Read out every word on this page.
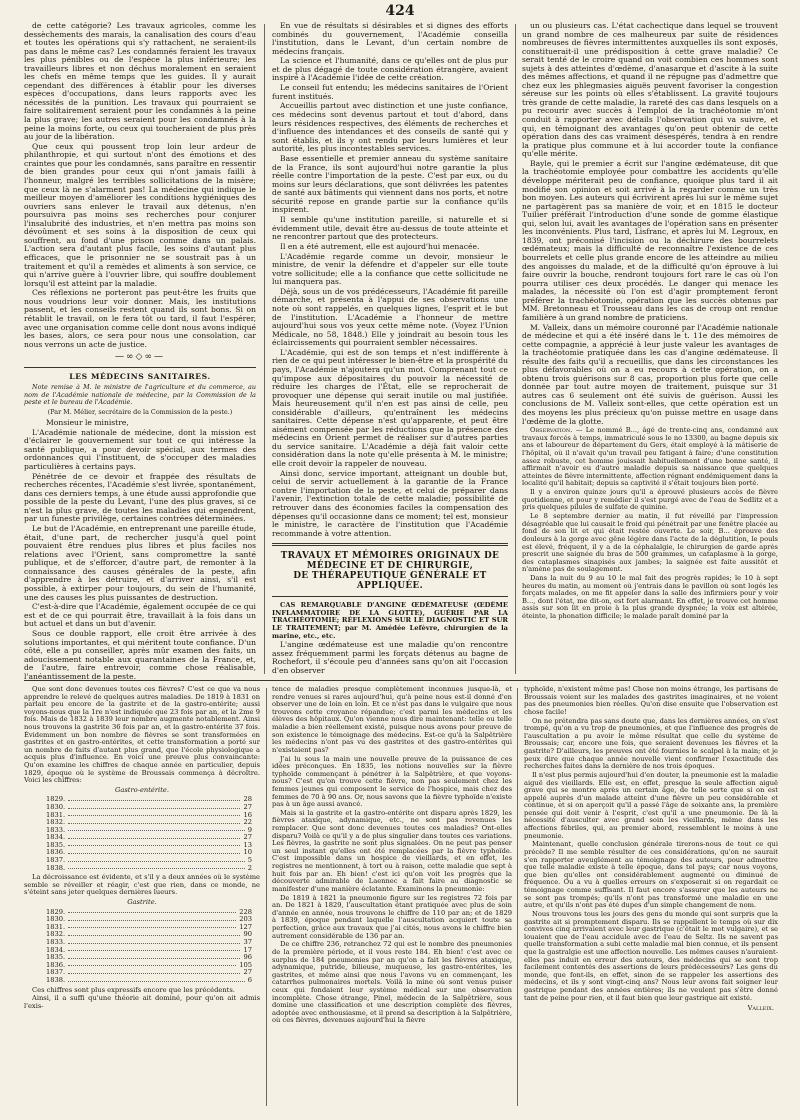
424

de cette catégorie? Les travaux agricoles, comme les dessèchements des marais, la canalisation des cours d'eau et toutes les opérations qui s'y rattachent, ne seraient-ils pas dans le même cas? Les condamnés feraient les travaux les plus pénibles ou de l'espèce la plus inférieure; les travailleurs libres et non déchus moralement en seraient les chefs en même temps que les guides. Il y aurait cependant des différences à établir pour les diverses espèces d'occupations, dans leurs rapports avec les nécessités de la punition. Les travaux qui pourraient se faire solitairement seraient pour les condamnés à la peine la plus grave; les autres seraient pour les condamnés à la peine la moins forte, ou ceux qui toucheraient de plus près au jour de la libération.

Que ceux qui poussent trop loin leur ardeur de philanthropie, et qui surtout n'ont des émotions et des craintes que pour les condamnés, sans paraître en ressentir de bien grandes pour ceux qui n'ont jamais failli à l'honneur, malgré les terribles sollicitations de la misère; que ceux là ne s'alarment pas! La médecine qui indique le meilleur moyen d'améliorer les conditions hygiéniques des ouvriers sans enlever le travail aux détenus, n'en poursuivra pas moins ses recherches pour conjurer l'insalubrité des industries, et n'en mettra pas moins son dévoûment et ses soins à la disposition de ceux qui souffrent, au fond d'une prison comme dans un palais. L'action sera d'autant plus facile, les soins d'autant plus efficaces, que le prisonnier ne se soustrait pas à un traitement et qu'il a remèdes et aliments à son service, ce qui n'arrive guère à l'ouvrier libre, qui souffre doublement lorsqu'il est atteint par la maladie.

Ces réflexions ne porteront pas peut-être les fruits que nous voudrions leur voir donner. Mais, les institutions passent, et les conseils restent quand ils sont bons. Si on rétablit le travail, on le fera tôt ou tard, il faut l'espérer, avec une organisation comme celle dont nous avons indiqué les bases, alors, ce sera pour nous une consolation, car nous verrons un acte de justice.

—∞◇∞—
LES MÉDECINS SANITAIRES.
Note remise à M. le ministre de l'agriculture et du commerce, au nom de l'Académie nationale de médecine, par la Commission de la peste et le bureau de l'Académie.
(Par M. Mélier, secrétaire de la Commission de la peste.)

Monsieur le ministre,

L'Académie nationale de médecine, dont la mission est d'éclairer le gouvernement sur tout ce qui intéresse la santé publique, a pour devoir spécial, aux termes des ordonnances qui l'instituent, de s'occuper des maladies particulières à certains pays.

Pénétrée de ce devoir et frappée des résultats de recherches récentes, l'Académie s'est livrée, spontanément, dans ces derniers temps, à une étude aussi approfondie que possible de la peste du Levant, l'une des plus graves, si ce n'est la plus grave, de toutes les maladies qui engendrent, par un funeste privilège, certaines contrées déterminées.

Le but de l'Académie, en entreprenant une pareille étude, était, d'une part, de rechercher jusqu'à quel point pouvaient être rendues plus libres et plus faciles nos relations avec l'Orient, sans compromettre la santé publique, et de s'efforcer, d'autre part, de remonter à la connaissance des causes générales de la peste, afin d'apprendre à les détruire, et d'arriver ainsi, s'il est possible, à extirper pour toujours, du sein de l'humanité, une des causes les plus puissantes de destruction.

C'est-à-dire que l'Académie, également occupée de ce qui est et de ce qui pourrait être, travaillait à la fois dans un but actuel et dans un but d'avenir.

Sous ce double rapport, elle croit être arrivée à des solutions importantes, et qui méritent toute confiance. D'un côté, elle a pu conseiller, après mûr examen des faits, un adoucissement notable aux quarantaines de la France, et, de l'autre, faire entrevoir, comme chose réalisable, l'anéantissement de la peste.

En vue de résultats si désirables et si dignes des efforts combinés du gouvernement, l'Académie conseilla l'institution, dans le Levant, d'un certain nombre de médecins français.

La science et l'humanité, dans ce qu'elles ont de plus pur et de plus dégagé de toute considération étrangère, avaient inspiré à l'Académie l'idée de cette création.

Le conseil fut entendu; les médecins sanitaires de l'Orient furent institués.

Accueillis partout avec distinction et une juste confiance, ces médecins sont devenus partout et tout d'abord, dans leurs résidences respectives, des éléments de recherches et d'influence des intendances et des conseils de santé qui y sont établis, et ils y ont rendu par leurs lumières et leur autorité, les plus incontestables services.

Base essentielle et premier anneau du système sanitaire de la France, ils sont aujourd'hui notre garantie la plus réelle contre l'importation de la peste. C'est par eux, ou du moins sur leurs déclarations, que sont délivrées les patentes de santé aux bâtiments qui viennent dans nos ports, et notre sécurité repose en grande partie sur la confiance qu'ils inspirent.

Il semble qu'une institution pareille, si naturelle et si évidemment utile, devait être au-dessus de toute atteinte et ne rencontrer partout que des protecteurs.

Il en a été autrement, elle est aujourd'hui menacée.

L'Académie regarde comme un devoir, monsieur le ministre, de venir la défendre et d'appeler sur elle toute votre sollicitude; elle a la confiance que cette sollicitude ne lui manquera pas.

Déjà, sous un de vos prédécesseurs, l'Académie fit pareille démarche, et présenta à l'appui de ses observations une note où sont rappelés, en quelques lignes, l'esprit et le but de l'institution. L'Académie a l'honneur de mettre aujourd'hui sous vos yeux cette même note. (Voyez l'Union Médicale, no 58, 1848.) Elle y joindrait au besoin tous les éclaircissements qui pourraient sembler nécessaires.

L'Académie, qui est de son temps et n'est indifférente à rien de ce qui peut intéresser le bien-être et la prospérité du pays, l'Académie n'ajoutera qu'un mot. Comprenant tout ce qu'impose aux dépositaires du pouvoir la nécessité de réduire les charges de l'État, elle se reprocherait de provoquer une dépense qui serait inutile ou mal justifiée. Mais heureusement qu'il n'en est pas ainsi de celle, peu considérable d'ailleurs, qu'entraînent les médecins sanitaires. Cette dépense n'est qu'apparente, et peut être aisément compensée par les réductions que la présence des médecins en Orient permet de réaliser sur d'autres parties du service sanitaire. L'Académie a déjà fait valoir cette considération dans la note qu'elle présenta à M. le ministre; elle croit devoir la rappeler de nouveau.

Ainsi donc, service important, atteignant un double but, celui de servir actuellement à la garantie de la France contre l'importation de la peste, et celui de préparer dans l'avenir, l'extinction totale de cette maladie; possibilité de retrouver dans des économies faciles la compensation des dépenses qu'il occasionne dans ce moment; tel est, monsieur le ministre, le caractère de l'institution que l'Académie recommande à votre attention.

TRAVAUX ET MÉMOIRES ORIGINAUX DE MÉDECINE ET DE CHIRURGIE,
DE THÉRAPEUTIQUE GÉNÉRALE ET APPLIQUÉE.

CAS REMARQUABLE D'ANGINE ŒDÉMATEUSE (ŒDÈME INFLAMMATOIRE DE LA GLOTTE), GUÉRIE PAR LA TRACHÉOTOMIE; RÉFLEXIONS SUR LE DIAGNOSTIC ET SUR LE TRAITEMENT; par M. Amédée Lefèvre, chirurgien de la marine, etc., etc.

L'angine œdémateuse est une maladie qu'on rencontre assez fréquemment parmi les forçats détenus au bagne de Rochefort, il s'écoule peu d'années sans qu'on ait l'occasion d'en observer

un ou plusieurs cas. L'état cachectique dans lequel se trouvent un grand nombre de ces malheureux par suite de résidences nombreuses de fièvres intermittentes auxquelles ils sont exposés, constituerait-il une prédisposition à cette grave maladie? Ce serait tenté de le croire quand on voit combien ces hommes sont sujets à des atteintes d'œdème, d'anasarque et d'ascite à la suite des mêmes affections, et quand il ne répugne pas d'admettre que chez eux les phlegmasies aiguës peuvent favoriser la congestion séreuse sur les points où elles s'établissent. La gravité toujours très grande de cette maladie, la rareté des cas dans lesquels on a pu recourir avec succès à l'emploi de la trachéotomie m'ont conduit à rapporter avec détails l'observation qui va suivre, et qui, en témoignant des avantages qu'on peut obtenir de cette opération dans des cas vraiment désespérés, tendra à en rendre la pratique plus commune et à lui accorder toute la confiance qu'elle mérite.

Bayle, qui le premier a écrit sur l'angine œdémateuse, dit que la trachéotomie employée pour combattre les accidents qu'elle développe mériterait peu de confiance, quoique plus tard il ait modifié son opinion et soit arrivé à la regarder comme un très bon moyen. Les auteurs qui écrivirent après lui sur le même sujet ne partagèrent pas sa manière de voir, et en 1815 le docteur Tuilier préférait l'introduction d'une sonde de gomme élastique qui, selon lui, avait les avantages de l'opération sans en présenter les inconvénients. Plus tard, Lisfranc, et après lui M. Legroux, en 1839, ont préconisé l'incision ou la déchirure des bourrelets œdémateux; mais la difficulté de reconnaître l'existence de ces bourrelets et celle plus grande encore de les atteindre au milieu des angoisses du malade, et de la difficulté qu'on éprouve à lui faire ouvrir la bouche, rendront toujours fort rare le cas où l'on pourra utiliser ces deux procédés. Le danger qui menace les malades, la nécessité où l'on est d'agir promptement feront préférer la trachéotomie, opération que les succès obtenus par MM. Bretonneau et Trousseau dans les cas de croup ont rendue familière à un grand nombre de praticiens.

M. Valleix, dans un mémoire couronné par l'Académie nationale de médecine et qui a été inséré dans le t. 11e des mémoires de cette compagnie, a apprécié à leur juste valeur les avantages de la trachéotomie pratiquée dans les cas d'angine œdémateuse. Il résulte des faits qu'il a recueillis, que dans les circonstances les plus défavorables où on a eu recours à cette opération, on a obtenu trois guérisons sur 8 cas, proportion plus forte que celle donnée par tout autre moyen de traitement, puisque sur 31 autres cas 6 seulement ont été suivis de guérison. Aussi les conclusions de M. Valleix sont-elles, que cette opération est un des moyens les plus précieux qu'on puisse mettre en usage dans l'œdème de la glotte.

Observation. — Le nommé B..., âgé de trente-cinq ans, condamné aux travaux forcés à temps, immatriculé sous le no 13300, au bagne depuis six ans et laboureur de département du Gers, était employé à la mâtiserie de l'hôpital, où il n'avait qu'un travail peu fatigant à faire; d'une constitution assez robuste, cet homme jouissait habituellement d'une bonne santé, il affirmait n'avoir eu d'autre maladie depuis sa naissance que quelques atteintes de fièvre intermittente, affection régnant endémiquement dans la localité qu'il habitait; depuis sa captivité il s'était toujours bien porté.

Il y a environ quinze jours qu'il a éprouvé plusieurs accès de fièvre quotidienne, et pour y remédier il s'est purgé avec de l'eau de Sedlitz et a pris quelques pilules de sulfate de quinine.

Le 8 septembre dernier au matin, il fut réveillé par l'impression désagréable que lui causait le froid qui pénétrait par une fenêtre placée au fond de son lit et qui était restée ouverte. Le soir, B... éprouve des douleurs à la gorge avec gêne légère dans l'acte de la déglutition, le pouls est élevé, fréquent, il y a de la céphalalgie, le chirurgien de garde après prescrit une saignée du bras de 500 grammes, un cataplasme à la gorge, des cataplasmes sinapisés aux jambes; la saignée est faite aussitôt et n'amène pas de soulagement.

Dans la nuit du 9 au 10 le mal fait des progrès rapides; le 10 à sept heures du matin, au moment où j'entrais dans le pavillon où sont logés les forçats malades, on me fit appeler dans la salle des infirmiers pour y voir B..., dont l'état, me dit-on, est fort alarmant. En effet, je trouve cet homme assis sur son lit en proie à la plus grande dyspnée; la voix est altérée, éteinte, la phonation difficile; le malade paraît dominé par la

Que sont donc devenues toutes ces fièvres? C'est ce que va nous apprendre le relevé de quelques autres maladies. De 1819 à 1831 on parlait peu encore de la gastrite et de la gastro-entérite; aussi voyons-nous que la 1re n'est indiquée que 23 fois par an, et la 2me 9 fois. Mais de 1832 à 1839 leur nombre augmente notablement. Ainsi nous trouvons la gastrite 36 fois par an, et la gastro-entérite 37 fois. Évidemment un bon nombre de fièvres se sont transformées en gastrites et en gastro-entérites, et cette transformation a porté sur un nombre de faits d'autant plus grand, que l'école physiologique a acquis plus d'influence. En voici une preuve plus convaincante: Qu'on examine les chiffres de chaque année en particulier, depuis 1829, époque où le système de Broussais commença à décroître. Voici les chiffres:

Gastro-entérite.
1829.	28
1830.	27
1831.	16
1832.	22
1833.	9
1834.	27
1835.	13
1836.	10
1837.	5
1838.	2

La décroissance est évidente, et s'il y a deux années où le système semble se réveiller et réagir, c'est que rien, dans ce monde, ne s'éteint sans jeter quelques dernières lueurs.

Gastrite.
1829.	228
1830.	203
1831.	127
1832.	90
1833.	37
1834.	17
1835.	96
1836.	105
1837.	27
1838.	6

Ces chiffres sont plus expressifs encore que les précédents.

Ainsi, il a suffi qu'une théorie ait dominé, pour qu'on ait admis l'exis-

tence de maladies presque complètement inconnues jusque-là, et rendre venues si rares aujourd'hui, qu'à peine nous est-il donné d'en observer une de loin en loin. Et ce n'est pas dans le vulgaire que nous trouvons cette croyance répandue; c'est parmi les médecins et les élèves des hôpitaux. Qu'on vienne nous dire maintenant: telle ou telle maladie a bien réellement existé, puisque nous avons pour preuve de son existence le témoignage des médecins. Est-ce qu'à la Salpêtrière les médecins n'ont pas vu des gastrites et des gastro-entérites qui n'existaient pas?

J'ai lu sous la main une nouvelle preuve de la puissance de ces idées préconçues. En 1835, les notions nouvelles sur la fièvre typhoïde commençant à pénétrer à la Salpêtrière, et que voyons-nous? C'est qu'on trouve cette fièvre, non pas seulement chez les femmes jeunes qui composent le service de l'hospice, mais chez des femmes de 70 à 90 ans. Or, nous savons que la fièvre typhoïde n'existe pas à un âge aussi avancé.

Mais si la gastrite et la gastro-entérite ont disparu après 1829, les fièvres ataxique, adynamique, etc., ne sont pas revenues les remplacer. Que sont donc devenues toutes ces maladies? Ont-elles disparu? Voilà ce qu'il y a de plus singulier dans toutes ces variations. Les fièvres, la gastrite ne sont plus signalées. On ne peut pas penser un seul instant qu'elles ont été remplacées par la fièvre typhoïde. C'est impossible dans un hospice de vieillards, et en effet, les registres ne mentionnent, à tort ou à raison, cette maladie que sept à huit fois par an. Eh bien! c'est ici qu'on voit les progrès que la découverte admirable de Laennec a fait faire au diagnostic se manifester d'une manière éclatante. Examinons la pneumonie:

De 1819 à 1821 la pneumonie figure sur les registres 72 fois par an. De 1821 à 1829, l'auscultation étant pratiquée avec plus de soin d'année en année, nous trouvons le chiffre de 110 par an; et de 1829 à 1839, époque pendant laquelle l'auscultation acquiert toute sa perfection, grâce aux travaux que j'ai cités, nous avons le chiffre bien autrement considérable de 136 par an.

De ce chiffre 236, retranchez 72 qui est le nombre des pneumonies de la première période, et il vous reste 184. Eh bien! c'est avec ce surplus de 184 pneumonies par an qu'on a fait les fièvres ataxique, adynamique, putride, bilieuse, muqueuse, les gastro-entérites, les gastrites, et même ainsi que nous l'avons vu en commençant, les catarrhes pulmonaires mortels. Voilà la mine où sont venus puiser ceux qui fondaient leur système médical sur une observation incomplète. Chose étrange, Pinel, médecin de la Salpêtrière, sous domine une classification et une description complète des fièvres, adoptée avec enthousiasme, et il prend sa description à la Salpêtrière, où ces fièvres, devenues aujourd'hui la fièvre

typhoïde, n'existent même pas! Chose non moins étrange, les partisans de Broussais voient sur les malades des gastrites imaginaires, et ne voient pas des pneumonies bien réelles. Qu'on dise ensuite que l'observation est chose facile!

On ne prétendra pas sans doute que, dans les dernières années, on s'est trompé, qu'on a vu trop de pneumonies, et que l'influence des progrès de l'auscultation a pu avoir le même résultat que celle du système de Broussais; car, encore une fois, que seraient devenues les fièvres et la gastrite? D'ailleurs, les preuves ont été fournies le scalpel à la main; et je peux dire que chaque année nouvelle vient confirmer l'exactitude des recherches faites dans la dernière de nos trois époques.

Il n'est plus permis aujourd'hui d'en douter, la pneumonie est la maladie aiguë des vieillards. Elle est, en effet, presque la seule affection aiguë grave qui se montre après un certain âge, de telle sorte que si on est appelé auprès d'un malade atteint d'une fièvre un peu considérable et continue, et si on aperçoit qu'il a passé l'âge de soixante ans, la première pensée qui doit venir à l'esprit, c'est qu'il a une pneumonie. De là la nécessité d'ausculter avec grand soin les vieillards, même dans les affections fébriles, qui, au premier abord, ressemblent le moins à une pneumonie.

Maintenant, quelle conclusion générale tirerons-nous de tout ce qui précède? Il me semble résulter de ces considérations, qu'on ne saurait s'en rapporter aveuglément au témoignage des auteurs, pour admettre que telle maladie existe à telle époque, dans tel pays; car nous voyons, que bien qu'elles ont considérablement augmenté ou diminué de fréquence. Ou a vu à quelles erreurs on s'exposerait si on regardait ce témoignage comme suffisant. Il faut encore s'assurer que les auteurs ne se sont pas trompés; qu'ils n'ont pas transformé une maladie en une autre, et qu'ils n'ont pas été dupes d'un simple changement de nom.

Nous trouvons tous les jours des gens du monde qui sont surpris que la gastrite ait si promptement disparu. Ils se rappellent le temps où sur dix convives cinq arrivaient avec leur gastrique (c'était le mot vulgaire), et se louaient que de l'eau accidule avec de l'eau de Seltz. Ils ne savent pas quelle transformation a subi cette maladie mal bien connue, et ils pensent que la gastralgie est une affection nouvelle. Les mêmes causes n'auraient-elles pas induit en erreur des auteurs, des médecins qui se sont trop facilement contentés des assertions de leurs prédécesseurs? Les gens du monde, que font-ils, en effet, sinon de se rappeler les assertions des médecins, et ils y sont vingt-cinq ans? Nous leur avons fait soigner leur gastrique pendant des années entières; ils ne veulent pas s'être donné tant de peine pour rien, et il faut bien que leur gastrique ait existé.

Valleix.
